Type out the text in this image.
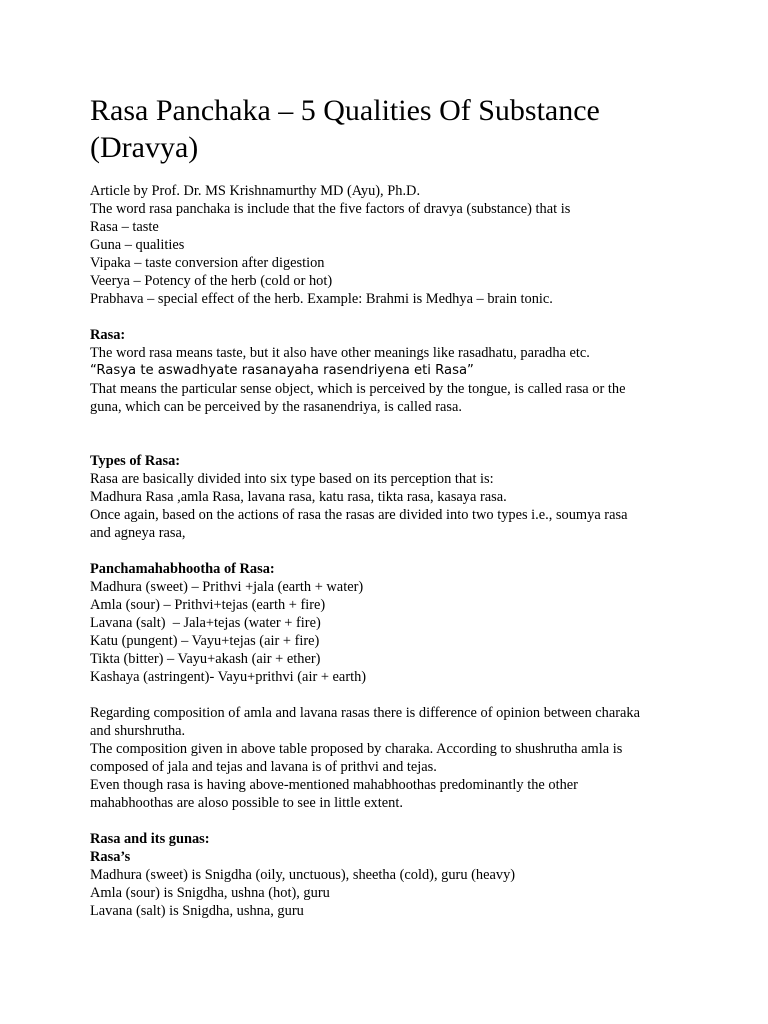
Rasa Panchaka – 5 Qualities Of Substance
(Dravya)
Article by Prof. Dr. MS Krishnamurthy MD (Ayu), Ph.D.
The word rasa panchaka is include that the five factors of dravya (substance) that is
Rasa – taste
Guna – qualities
Vipaka – taste conversion after digestion
Veerya – Potency of the herb (cold or hot)
Prabhava – special effect of the herb. Example: Brahmi is Medhya – brain tonic.
Rasa:
The word rasa means taste, but it also have other meanings like rasadhatu, paradha etc.
“Rasya te aswadhyate rasanayaha rasendriyena eti Rasa”
That means the particular sense object, which is perceived by the tongue, is called rasa or the
guna, which can be perceived by the rasanendriya, is called rasa.
Types of Rasa:
Rasa are basically divided into six type based on its perception that is:
Madhura Rasa ,amla Rasa, lavana rasa, katu rasa, tikta rasa, kasaya rasa.
Once again, based on the actions of rasa the rasas are divided into two types i.e., soumya rasa
and agneya rasa,
Panchamahabhootha of Rasa:
Madhura (sweet) – Prithvi +jala (earth + water)
Amla (sour) – Prithvi+tejas (earth + fire)
Lavana (salt)  – Jala+tejas (water + fire)
Katu (pungent) – Vayu+tejas (air + fire)
Tikta (bitter) – Vayu+akash (air + ether)
Kashaya (astringent)- Vayu+prithvi (air + earth)
Regarding composition of amla and lavana rasas there is difference of opinion between charaka
and shurshrutha.
The composition given in above table proposed by charaka. According to shushrutha amla is
composed of jala and tejas and lavana is of prithvi and tejas.
Even though rasa is having above-mentioned mahabhoothas predominantly the other
mahabhoothas are aloso possible to see in little extent.
Rasa and its gunas:
Rasa’s
Madhura (sweet) is Snigdha (oily, unctuous), sheetha (cold), guru (heavy)
Amla (sour) is Snigdha, ushna (hot), guru
Lavana (salt) is Snigdha, ushna, guru
